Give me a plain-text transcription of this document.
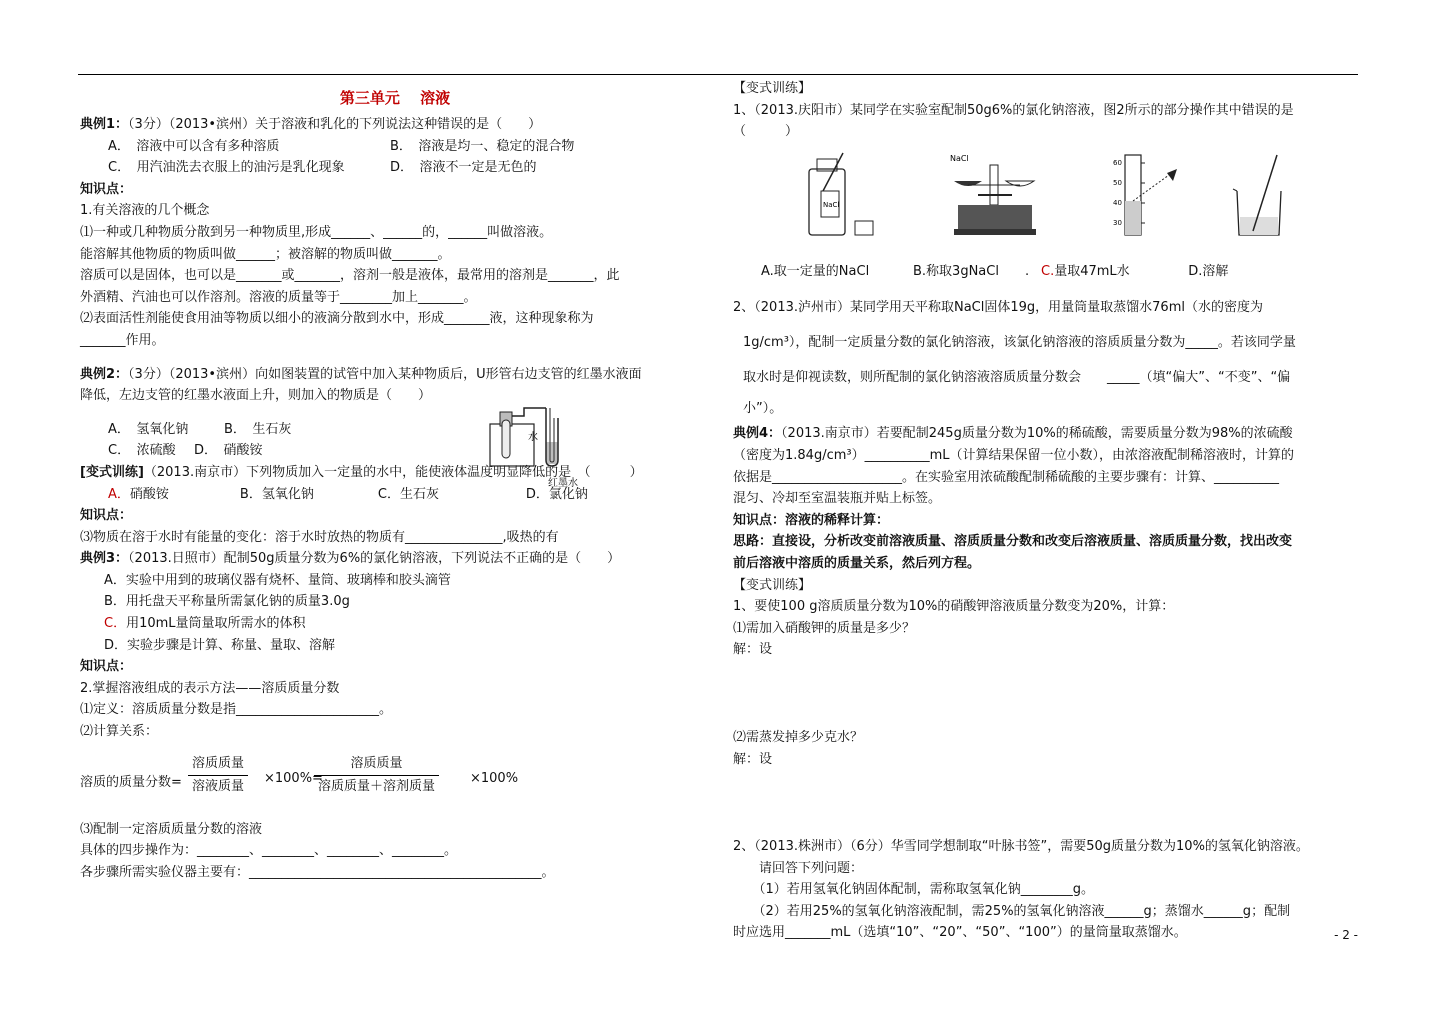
第三单元　 溶液
典例1：（3分）（2013•滨州）关于溶液和乳化的下列说法这种错误的是（　　）
A．　溶液中可以含有多种溶质	B．　溶液是均一、稳定的混合物
C．　用汽油洗去衣服上的油污是乳化现象	D．　溶液不一定是无色的
知识点：
1.有关溶液的几个概念
⑴一种或几种物质分散到另一种物质里,形成______、______的，______叫做溶液。
能溶解其他物质的物质叫做______；被溶解的物质叫做_______。
溶质可以是固体，也可以是_______或_______，溶剂一般是液体，最常用的溶剂是_______，此
外酒精、汽油也可以作溶剂。溶液的质量等于________加上_______。
⑵表面活性剂能使食用油等物质以细小的液滴分散到水中，形成_______液，这种现象称为
_______作用。
典例2：（3分）（2013•滨州）向如图装置的试管中加入某种物质后，U形管右边支管的红墨水液面
降低，左边支管的红墨水液面上升，则加入的物质是（　　）
A．　氢氧化钠	B．　生石灰
C．　浓硫酸 D．　硝酸铵
[变式训练]（2013.南京市）下列物质加入一定量的水中，能使液体温度明显降低的是　（　　　）
A．硝酸铵	B．氢氧化钠	C．生石灰	D．氯化钠
知识点：
⑶物质在溶于水时有能量的变化：溶于水时放热的物质有_______________,吸热的有
典例3：（2013.日照市）配制50g质量分数为6%的氯化钠溶液，下列说法不正确的是（　　）
A．实验中用到的玻璃仪器有烧杯、量筒、玻璃棒和胶头滴管
B．用托盘天平称量所需氯化钠的质量3.0g
C．用10mL量筒量取所需水的体积
D．实验步骤是计算、称量、量取、溶解
知识点：
2.掌握溶液组成的表示方法——溶质质量分数
⑴定义：溶质质量分数是指______________________。
⑵计算关系：
溶质的质量分数=
溶质质量
溶液质量
×100%=
溶质质量
溶质质量＋溶剂质量
×100%
⑶配制一定溶质质量分数的溶液
具体的四步操作为：________、________、________、________。
各步骤所需实验仪器主要有：_____________________________________________。
水
红墨水
【变式训练】
1、（2013.庆阳市）某同学在实验室配制50g6%的氯化钠溶液，图2所示的部分操作其中错误的是
（　　　）
NaCl
NaCl	60
50
40
30
A.取一定量的NaCl	B.称取3gNaCl . C.量取47mL水	D.溶解
2、（2013.泸州市）某同学用天平称取NaCl固体19g，用量筒量取蒸馏水76ml（水的密度为
1g/cm³），配制一定质量分数的氯化钠溶液，该氯化钠溶液的溶质质量分数为_____。若该同学量
取水时是仰视读数，则所配制的氯化钠溶液溶质质量分数会　　_____（填“偏大”、“不变”、“偏
小”）。
典例4：（2013.南京市）若要配制245g质量分数为10%的稀硫酸，需要质量分数为98%的浓硫酸
（密度为1.84g/cm³）__________mL（计算结果保留一位小数），由浓溶液配制稀溶液时，计算的
依据是____________________。在实验室用浓硫酸配制稀硫酸的主要步骤有：计算、__________
混匀、冷却至室温装瓶并贴上标签。
知识点：溶液的稀释计算：
思路：直接设，分析改变前溶液质量、溶质质量分数和改变后溶液质量、溶质质量分数，找出改变
前后溶液中溶质的质量关系，然后列方程。
【变式训练】
1、要使100 g溶质质量分数为10%的硝酸钾溶液质量分数变为20%，计算：
⑴需加入硝酸钾的质量是多少？
解：设
⑵需蒸发掉多少克水？
解：设
2、（2013.株洲市）（6分）华雪同学想制取“叶脉书签”，需要50g质量分数为10%的氢氧化钠溶液。
　　请回答下列问题：
　　（1）若用氢氧化钠固体配制，需称取氢氧化钠________g。
　　（2）若用25%的氢氧化钠溶液配制，需25%的氢氧化钠溶液______g；蒸馏水______g；配制
时应选用_______mL（选填“10”、“20”、“50”、“100”）的量筒量取蒸馏水。	- 2 -
